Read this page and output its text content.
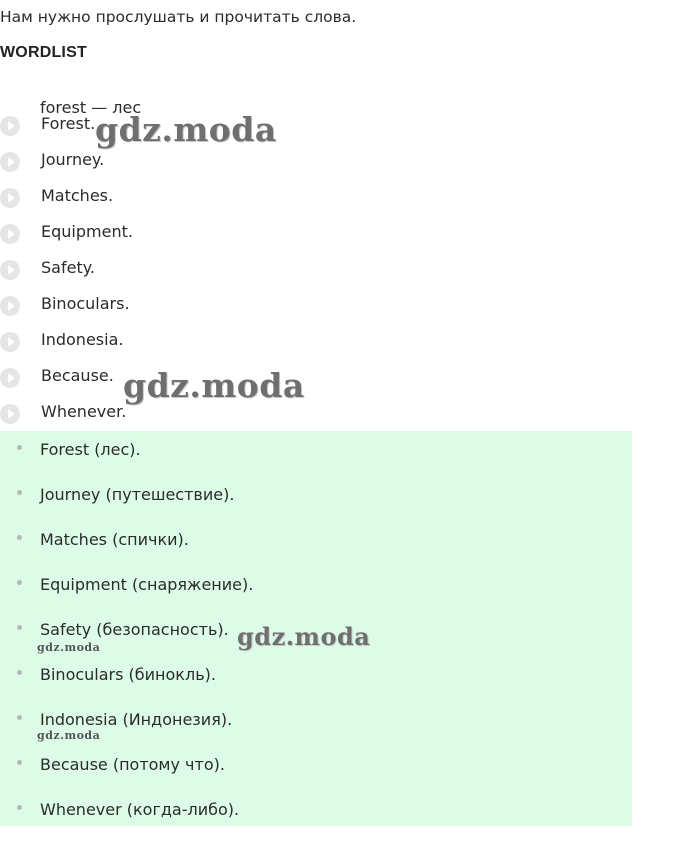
Нам нужно прослушать и прочитать слова.
WORDLIST
forest — лес
Forest.
Journey.
Matches.
Equipment.
Safety.
Binoculars.
Indonesia.
Because.
Whenever.
Forest (лес).
Journey (путешествие).
Matches (спички).
Equipment (снаряжение).
Safety (безопасность).
Binoculars (бинокль).
Indonesia (Индонезия).
Because (потому что).
Whenever (когда-либо).
gdz.moda
gdz.moda
gdz.moda
gdz.moda
gdz.moda
